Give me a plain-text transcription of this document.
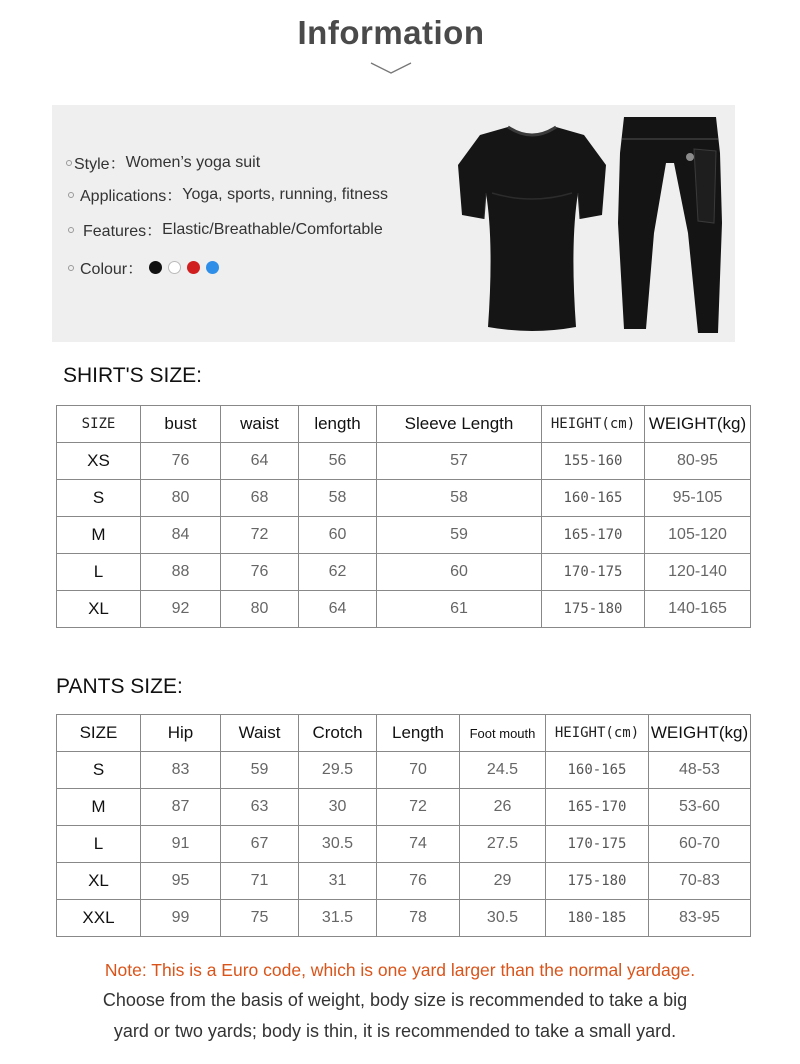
Information
Style： Women’s yoga suit
Applications： Yoga, sports, running, fitness
Features： Elastic/Breathable/Comfortable
Colour：
SHIRT'S SIZE:
SIZE	bust	waist	length	Sleeve Length	HEIGHT(cm)	WEIGHT(kg)
XS	76	64	56	57	155-160	80-95
S	80	68	58	58	160-165	95-105
M	84	72	60	59	165-170	105-120
L	88	76	62	60	170-175	120-140
XL	92	80	64	61	175-180	140-165
PANTS SIZE:
SIZE	Hip	Waist	Crotch	Length	Foot mouth	HEIGHT(cm)	WEIGHT(kg)
S	83	59	29.5	70	24.5	160-165	48-53
M	87	63	30	72	26	165-170	53-60
L	91	67	30.5	74	27.5	170-175	60-70
XL	95	71	31	76	29	175-180	70-83
XXL	99	75	31.5	78	30.5	180-185	83-95
Note: This is a Euro code, which is one yard larger than the normal yardage.
Choose from the basis of weight, body size is recommended to take a big
yard or two yards; body is thin, it is recommended to take a small yard.
